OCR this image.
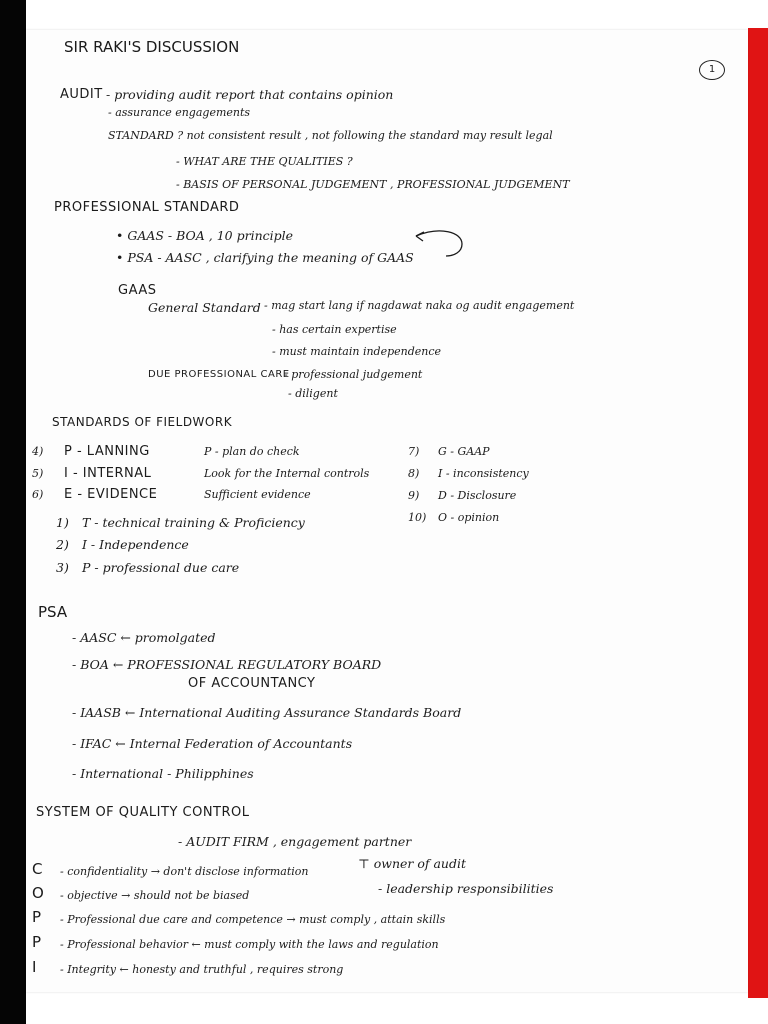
1
SIR RAKI'S DISCUSSION
AUDIT - providing audit report that contains opinion
- assurance engagements
STANDARD ? not consistent result , not following the standard may result legal
- WHAT ARE THE QUALITIES ?
- BASIS OF PERSONAL JUDGEMENT , PROFESSIONAL JUDGEMENT
PROFESSIONAL STANDARD
• GAAS - BOA , 10 principle
• PSA - AASC , clarifying the meaning of GAAS
GAAS
General Standard - mag start lang if nagdawat naka og audit engagement
- has certain expertise
- must maintain independence
DUE PROFESSIONAL CARE
- professional judgement
- diligent
STANDARDS OF FIELDWORK
4) P - LANNING	P - plan do check
5) I - INTERNAL	Look for the Internal controls
6) E - EVIDENCE	Sufficient evidence
7) G - GAAP
8) I - inconsistency
9) D - Disclosure
10) O - opinion
1) T - technical training & Proficiency
2) I - Independence
3) P - professional due care
PSA
- AASC ← promolgated
- BOA ← PROFESSIONAL REGULATORY BOARD
OF ACCOUNTANCY
- IAASB ← International Auditing Assurance Standards Board
- IFAC ← Internal Federation of Accountants
- International - Philipphines
SYSTEM OF QUALITY CONTROL
- AUDIT FIRM , engagement partner
⊤ owner of audit
- leadership responsibilities
C - confidentiality → don't disclose information
O - objective → should not be biased
P - Professional due care and competence → must comply , attain skills
P - Professional behavior ← must comply with the laws and regulation
I - Integrity ← honesty and truthful , requires strong
